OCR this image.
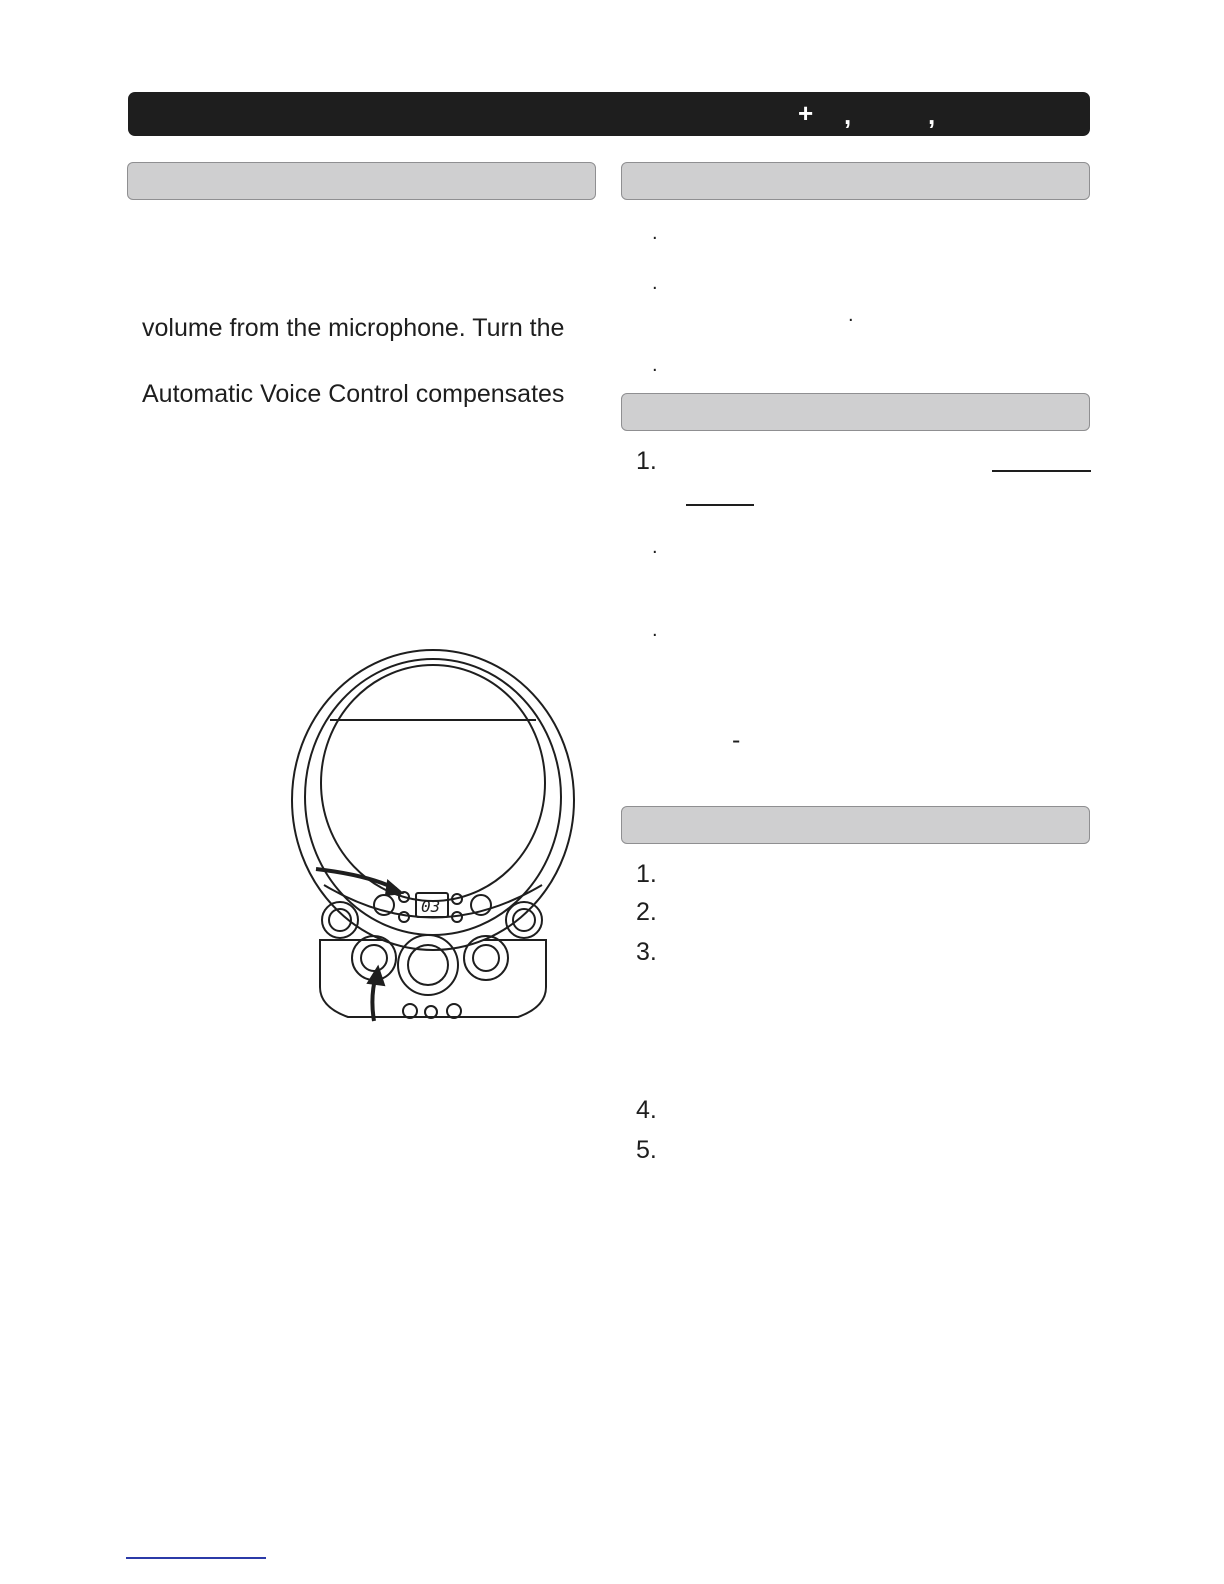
+ ,	,
volume from the microphone. Turn the
Automatic Voice Control compensates
.
.
.
.
1.
.
.
-
1.
2.
3.
4.
5.
03
